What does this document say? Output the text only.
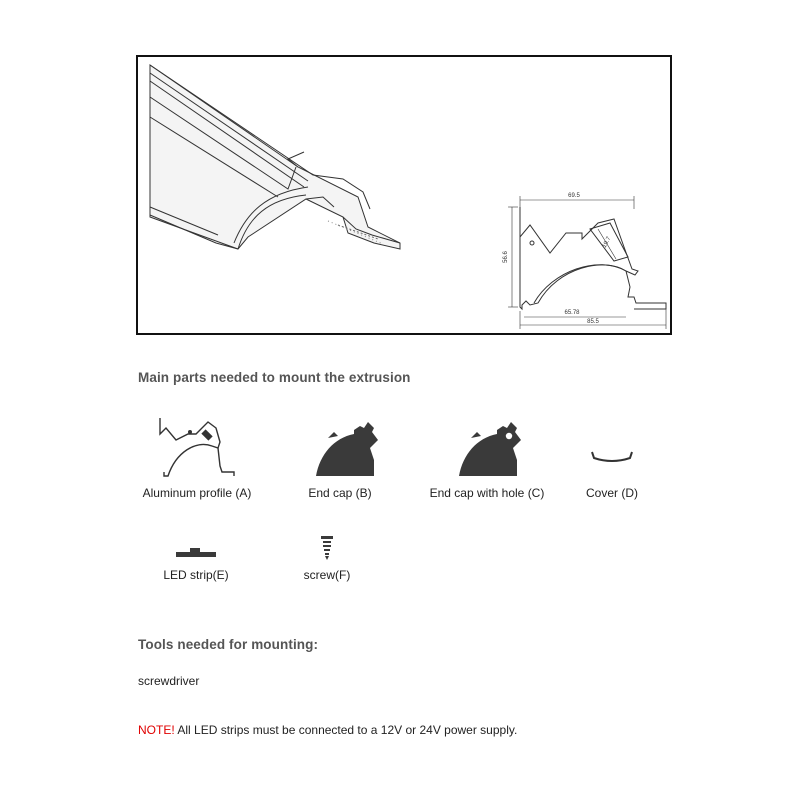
69.5
56.6
19.7
65.78
85.5
Main parts needed to mount the extrusion
Aluminum profile (A)	End cap (B)	End cap with hole (C)	Cover (D)
LED strip(E)	screw(F)
Tools needed for mounting:
screwdriver
NOTE! All LED strips must be connected to a 12V or 24V power supply.
